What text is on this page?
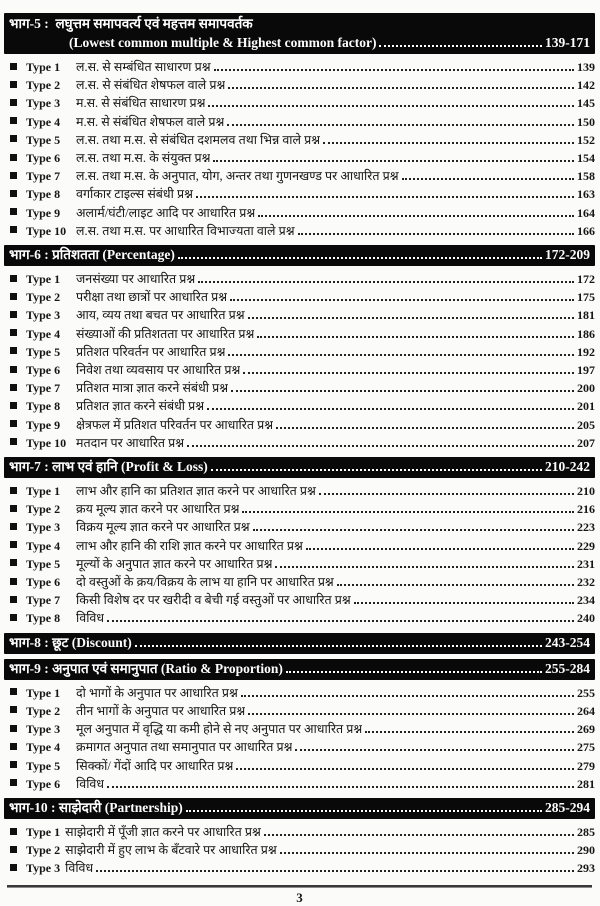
भाग-5 :  लघुत्तम समापवर्त्य एवं महत्तम समापवर्तक
(Lowest common multiple & Highest common factor)	139-171
Type 1	ल.स. से सम्बंधित साधारण प्रश्न	139
Type 2	ल.स. से संबंधित शेषफल वाले प्रश्न	142
Type 3	म.स. से संबंधित साधारण प्रश्न	145
Type 4	म.स. से संबंधित शेषफल वाले प्रश्न	150
Type 5	ल.स. तथा म.स. से संबंधित दशमलव तथा भिन्न वाले प्रश्न	152
Type 6	ल.स. तथा म.स. के संयुक्त प्रश्न	154
Type 7	ल.स. तथा म.स. के अनुपात, योग, अन्तर तथा गुणनखण्ड पर आधारित प्रश्न	158
Type 8	वर्गाकार टाइल्स संबंधी प्रश्न	163
Type 9	अलार्म/घंटी/लाइट आदि पर आधारित प्रश्न	164
Type 10 ल.स. तथा म.स. पर आधारित विभाज्यता वाले प्रश्न	166
भाग-6 : प्रतिशतता (Percentage)	172-209
Type 1	जनसंख्या पर आधारित प्रश्न	172
Type 2	परीक्षा तथा छात्रों पर आधारित प्रश्न	175
Type 3	आय, व्यय तथा बचत पर आधारित प्रश्न	181
Type 4	संख्याओं की प्रतिशतता पर आधारित प्रश्न	186
Type 5	प्रतिशत परिवर्तन पर आधारित प्रश्न	192
Type 6	निवेश तथा व्यवसाय पर आधारित प्रश्न	197
Type 7	प्रतिशत मात्रा ज्ञात करने संबंधी प्रश्न	200
Type 8	प्रतिशत ज्ञात करने संबंधी प्रश्न	201
Type 9	क्षेत्रफल में प्रतिशत परिवर्तन पर आधारित प्रश्न	205
Type 10 मतदान पर आधारित प्रश्न	207
भाग-7 : लाभ एवं हानि (Profit & Loss)	210-242
Type 1	लाभ और हानि का प्रतिशत ज्ञात करने पर आधारित प्रश्न	210
Type 2	क्रय मूल्य ज्ञात करने पर आधारित प्रश्न	216
Type 3	विक्रय मूल्य ज्ञात करने पर आधारित प्रश्न	223
Type 4	लाभ और हानि की राशि ज्ञात करने पर आधारित प्रश्न	229
Type 5	मूल्यों के अनुपात ज्ञात करने पर आधारित प्रश्न	231
Type 6	दो वस्तुओं के क्रय/विक्रय के लाभ या हानि पर आधारित प्रश्न	232
Type 7	किसी विशेष दर पर खरीदी व बेची गई वस्तुओं पर आधारित प्रश्न	234
Type 8	विविध	240
भाग-8 : छूट (Discount)	243-254
भाग-9 : अनुपात एवं समानुपात (Ratio & Proportion)	255-284
Type 1	दो भागों के अनुपात पर आधारित प्रश्न	255
Type 2	तीन भागों के अनुपात पर आधारित प्रश्न	264
Type 3	मूल अनुपात में वृद्धि या कमी होने से नए अनुपात पर आधारित प्रश्न	269
Type 4	क्रमागत अनुपात तथा समानुपात पर आधारित प्रश्न	275
Type 5	सिक्कों/ गेंदों आदि पर आधारित प्रश्न	279
Type 6	विविध	281
भाग-10 : साझेदारी (Partnership)	285-294
Type 1 साझेदारी में पूँजी ज्ञात करने पर आधारित प्रश्न	285
Type 2 साझेदारी में हुए लाभ के बँटवारे पर आधारित प्रश्न	290
Type 3 विविध	293
3
